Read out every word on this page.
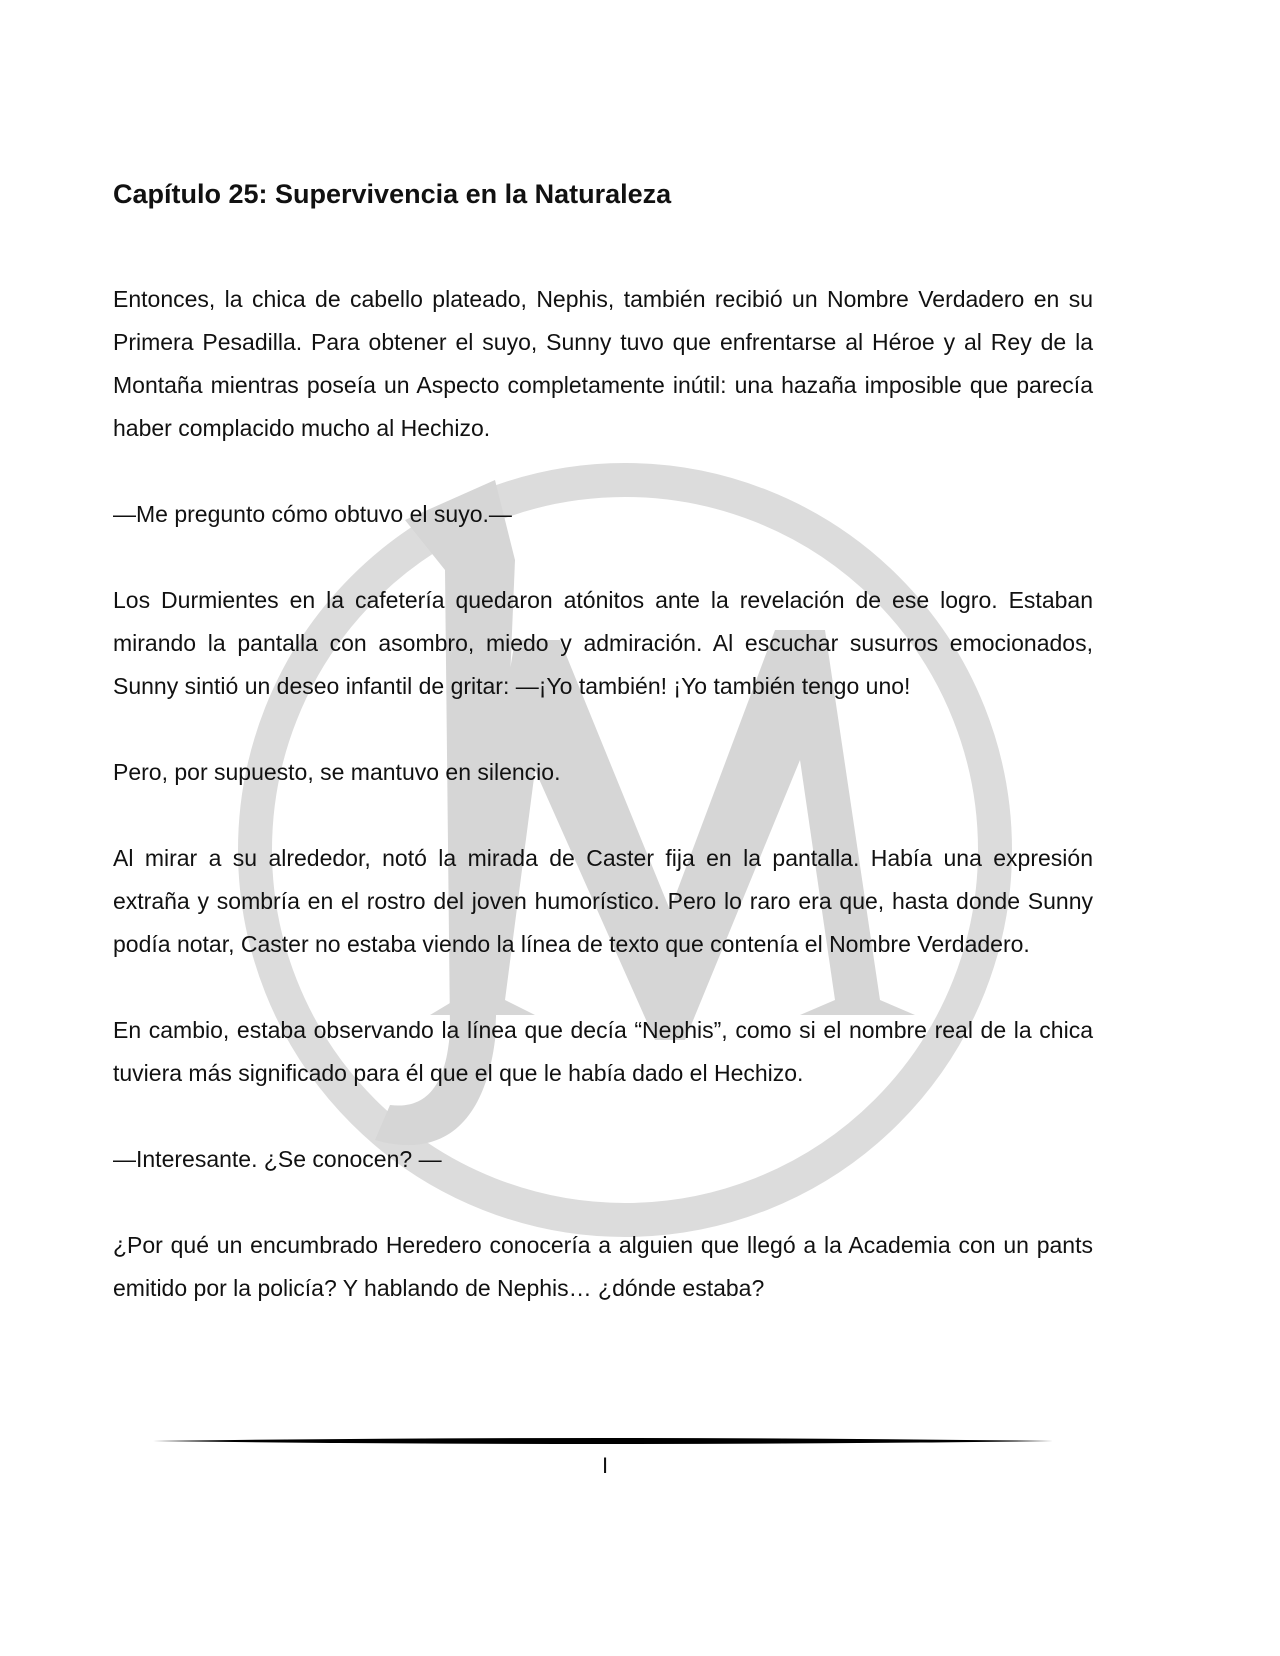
Capítulo 25: Supervivencia en la Naturaleza

Entonces, la chica de cabello plateado, Nephis, también recibió un Nombre Verdadero en su Primera Pesadilla. Para obtener el suyo, Sunny tuvo que enfrentarse al Héroe y al Rey de la Montaña mientras poseía un Aspecto completamente inútil: una hazaña imposible que parecía haber complacido mucho al Hechizo.

—Me pregunto cómo obtuvo el suyo.—

Los Durmientes en la cafetería quedaron atónitos ante la revelación de ese logro. Estaban mirando la pantalla con asombro, miedo y admiración. Al escuchar susurros emocionados, Sunny sintió un deseo infantil de gritar: —¡Yo también! ¡Yo también tengo uno!

Pero, por supuesto, se mantuvo en silencio.

Al mirar a su alrededor, notó la mirada de Caster fija en la pantalla. Había una expresión extraña y sombría en el rostro del joven humorístico. Pero lo raro era que, hasta donde Sunny podía notar, Caster no estaba viendo la línea de texto que contenía el Nombre Verdadero.

En cambio, estaba observando la línea que decía “Nephis”, como si el nombre real de la chica tuviera más significado para él que el que le había dado el Hechizo.

—Interesante. ¿Se conocen? —

¿Por qué un encumbrado Heredero conocería a alguien que llegó a la Academia con un pants emitido por la policía? Y hablando de Nephis… ¿dónde estaba?

I
